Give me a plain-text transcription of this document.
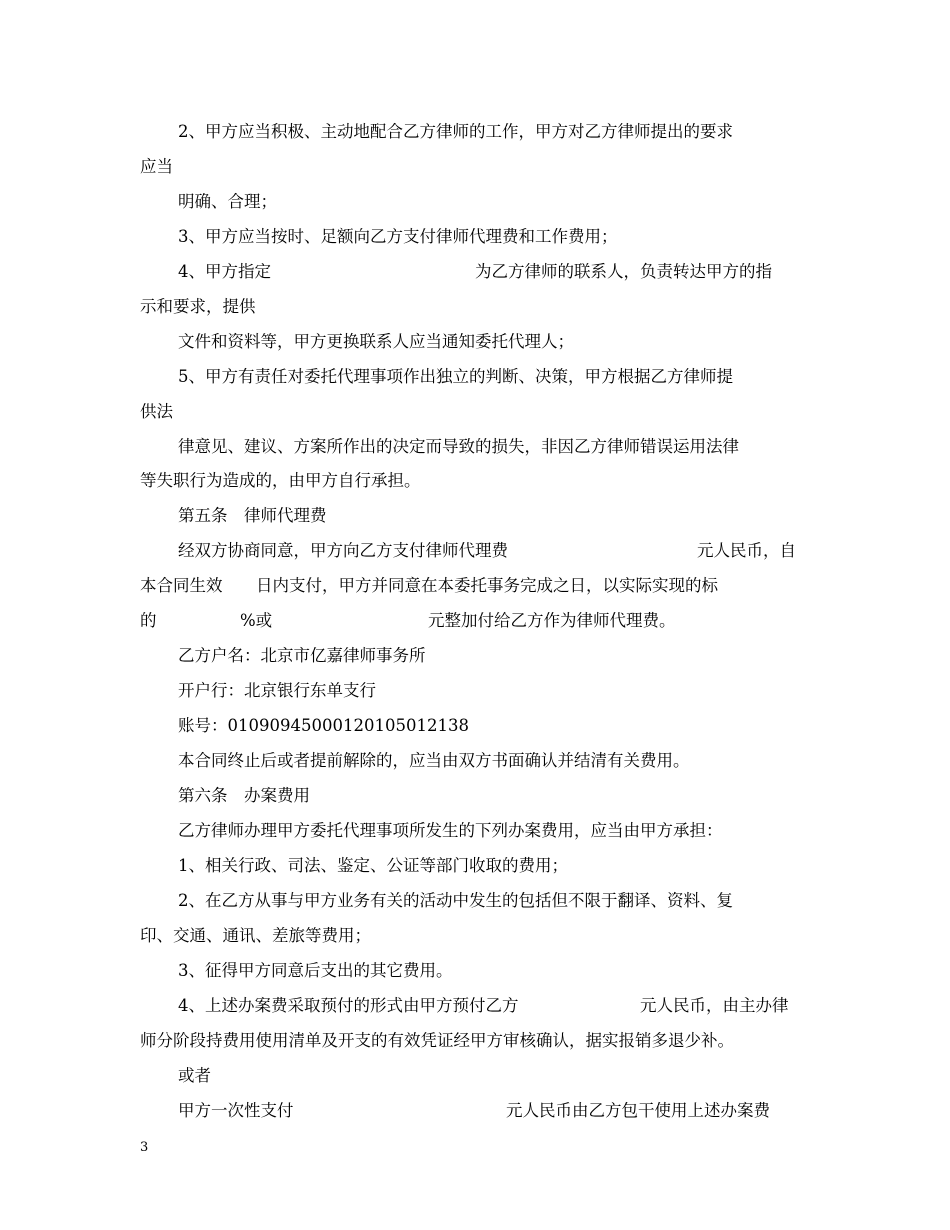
2、甲方应当积极、主动地配合乙方律师的工作，甲方对乙方律师提出的要求
应当
明确、合理；
3、甲方应当按时、足额向乙方支付律师代理费和工作费用；
4、甲方指定	为乙方律师的联系人，负责转达甲方的指
示和要求，提供
文件和资料等，甲方更换联系人应当通知委托代理人；
5、甲方有责任对委托代理事项作出独立的判断、决策，甲方根据乙方律师提
供法
律意见、建议、方案所作出的决定而导致的损失，非因乙方律师错误运用法律
等失职行为造成的，由甲方自行承担。
第五条　律师代理费
经双方协商同意，甲方向乙方支付律师代理费	元人民币，自
本合同生效 日内支付，甲方并同意在本委托事务完成之日，以实际实现的标
的	%或	元整加付给乙方作为律师代理费。
乙方户名：北京市亿嘉律师事务所
开户行：北京银行东单支行
账号：01090945000120105012138
本合同终止后或者提前解除的，应当由双方书面确认并结清有关费用。
第六条　办案费用
乙方律师办理甲方委托代理事项所发生的下列办案费用，应当由甲方承担：
1、相关行政、司法、鉴定、公证等部门收取的费用；
2、在乙方从事与甲方业务有关的活动中发生的包括但不限于翻译、资料、复
印、交通、通讯、差旅等费用；
3、征得甲方同意后支出的其它费用。
4、上述办案费采取预付的形式由甲方预付乙方	元人民币，由主办律
师分阶段持费用使用清单及开支的有效凭证经甲方审核确认，据实报销多退少补。
或者
甲方一次性支付	元人民币由乙方包干使用上述办案费
3
